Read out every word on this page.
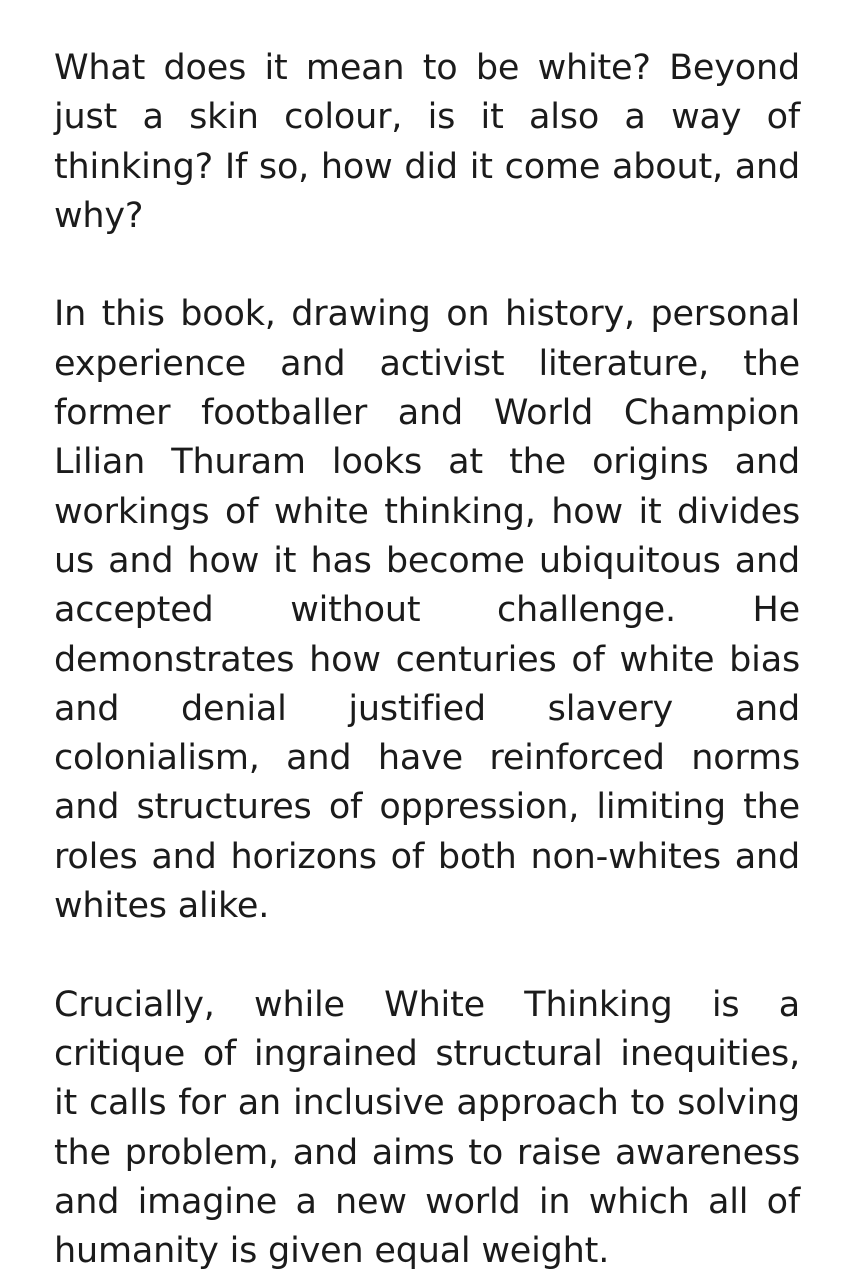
What does it mean to be white? Beyond just a skin colour, is it also a way of thinking? If so, how did it come about, and why?

In this book, drawing on history, personal experience and activist literature, the former footballer and World Champion Lilian Thuram looks at the origins and workings of white thinking, how it divides us and how it has become ubiquitous and accepted without challenge. He demonstrates how centuries of white bias and denial justified slavery and colonialism, and have reinforced norms and structures of oppression, limiting the roles and horizons of both non-whites and whites alike.

Crucially, while White Thinking is a critique of ingrained structural inequities, it calls for an inclusive approach to solving the problem, and aims to raise awareness and imagine a new world in which all of humanity is given equal weight.
